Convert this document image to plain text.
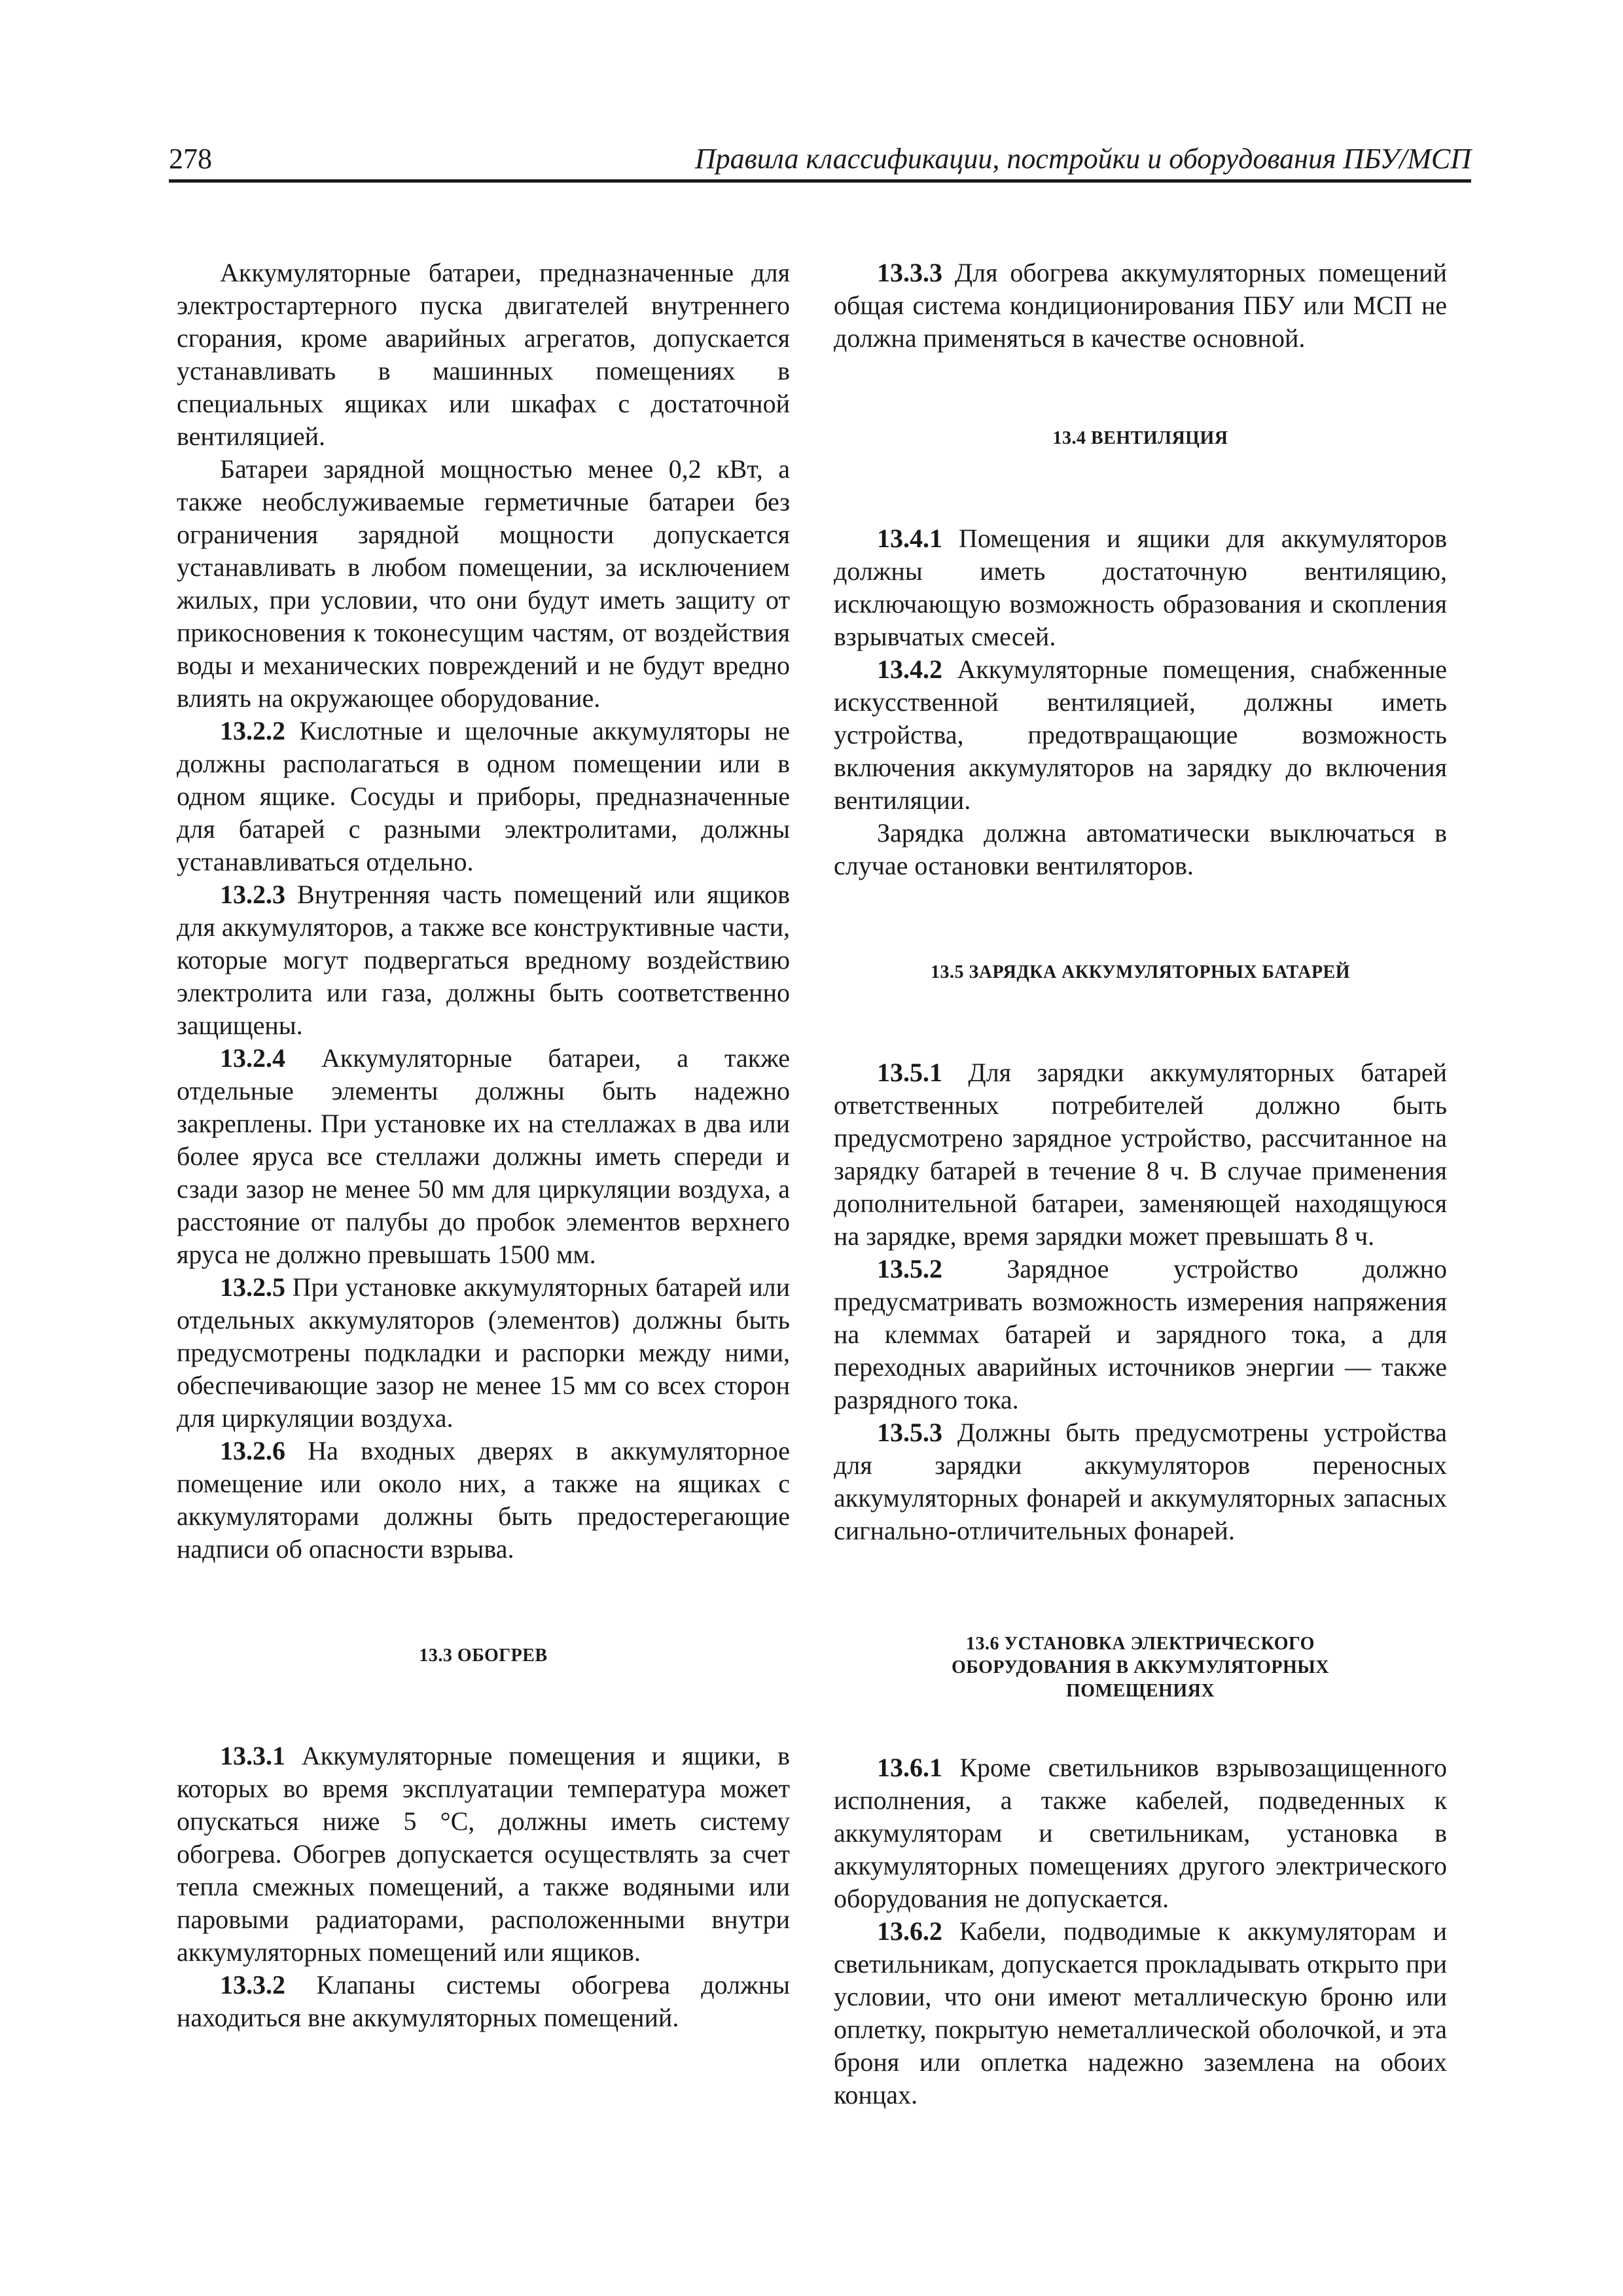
278	Правила классификации, постройки и оборудования ПБУ/МСП

Аккумуляторные батареи, предназначенные для электростартерного пуска двигателей внутреннего сгорания, кроме аварийных агрегатов, допускается устанавливать в машинных помещениях в специальных ящиках или шкафах с достаточной вентиляцией.

Батареи зарядной мощностью менее 0,2 кВт, а также необслуживаемые герметичные батареи без ограничения зарядной мощности допускается устанавливать в любом помещении, за исключением жилых, при условии, что они будут иметь защиту от прикосновения к токонесущим частям, от воздействия воды и механических повреждений и не будут вредно влиять на окружающее оборудование.

13.2.2 Кислотные и щелочные аккумуляторы не должны располагаться в одном помещении или в одном ящике. Сосуды и приборы, предназначенные для батарей с разными электролитами, должны устанавливаться отдельно.

13.2.3 Внутренняя часть помещений или ящиков для аккумуляторов, а также все конструктивные части, которые могут подвергаться вредному воздействию электролита или газа, должны быть соответственно защищены.

13.2.4 Аккумуляторные батареи, а также отдельные элементы должны быть надежно закреплены. При установке их на стеллажах в два или более яруса все стеллажи должны иметь спереди и сзади зазор не менее 50 мм для циркуляции воздуха, а расстояние от палубы до пробок элементов верхнего яруса не должно превышать 1500 мм.

13.2.5 При установке аккумуляторных батарей или отдельных аккумуляторов (элементов) должны быть предусмотрены подкладки и распорки между ними, обеспечивающие зазор не менее 15 мм со всех сторон для циркуляции воздуха.

13.2.6 На входных дверях в аккумуляторное помещение или около них, а также на ящиках с аккумуляторами должны быть предостерегающие надписи об опасности взрыва.

13.3 ОБОГРЕВ

13.3.1 Аккумуляторные помещения и ящики, в которых во время эксплуатации температура может опускаться ниже 5 °С, должны иметь систему обогрева. Обогрев допускается осуществлять за счет тепла смежных помещений, а также водяными или паровыми радиаторами, расположенными внутри аккумуляторных помещений или ящиков.

13.3.2 Клапаны системы обогрева должны находиться вне аккумуляторных помещений.

13.3.3 Для обогрева аккумуляторных помещений общая система кондиционирования ПБУ или МСП не должна применяться в качестве основной.

13.4 ВЕНТИЛЯЦИЯ

13.4.1 Помещения и ящики для аккумуляторов должны иметь достаточную вентиляцию, исключающую возможность образования и скопления взрывчатых смесей.

13.4.2 Аккумуляторные помещения, снабженные искусственной вентиляцией, должны иметь устройства, предотвращающие возможность включения аккумуляторов на зарядку до включения вентиляции.

Зарядка должна автоматически выключаться в случае остановки вентиляторов.

13.5 ЗАРЯДКА АККУМУЛЯТОРНЫХ БАТАРЕЙ

13.5.1 Для зарядки аккумуляторных батарей ответственных потребителей должно быть предусмотрено зарядное устройство, рассчитанное на зарядку батарей в течение 8 ч. В случае применения дополнительной батареи, заменяющей находящуюся на зарядке, время зарядки может превышать 8 ч.

13.5.2 Зарядное устройство должно предусматривать возможность измерения напряжения на клеммах батарей и зарядного тока, а для переходных аварийных источников энергии — также разрядного тока.

13.5.3 Должны быть предусмотрены устройства для зарядки аккумуляторов переносных аккумуляторных фонарей и аккумуляторных запасных сигнально-отличительных фонарей.

13.6 УСТАНОВКА ЭЛЕКТРИЧЕСКОГО
ОБОРУДОВАНИЯ В АККУМУЛЯТОРНЫХ
ПОМЕЩЕНИЯХ

13.6.1 Кроме светильников взрывозащищенного исполнения, а также кабелей, подведенных к аккумуляторам и светильникам, установка в аккумуляторных помещениях другого электрического оборудования не допускается.

13.6.2 Кабели, подводимые к аккумуляторам и светильникам, допускается прокладывать открыто при условии, что они имеют металлическую броню или оплетку, покрытую неметаллической оболочкой, и эта броня или оплетка надежно заземлена на обоих концах.
